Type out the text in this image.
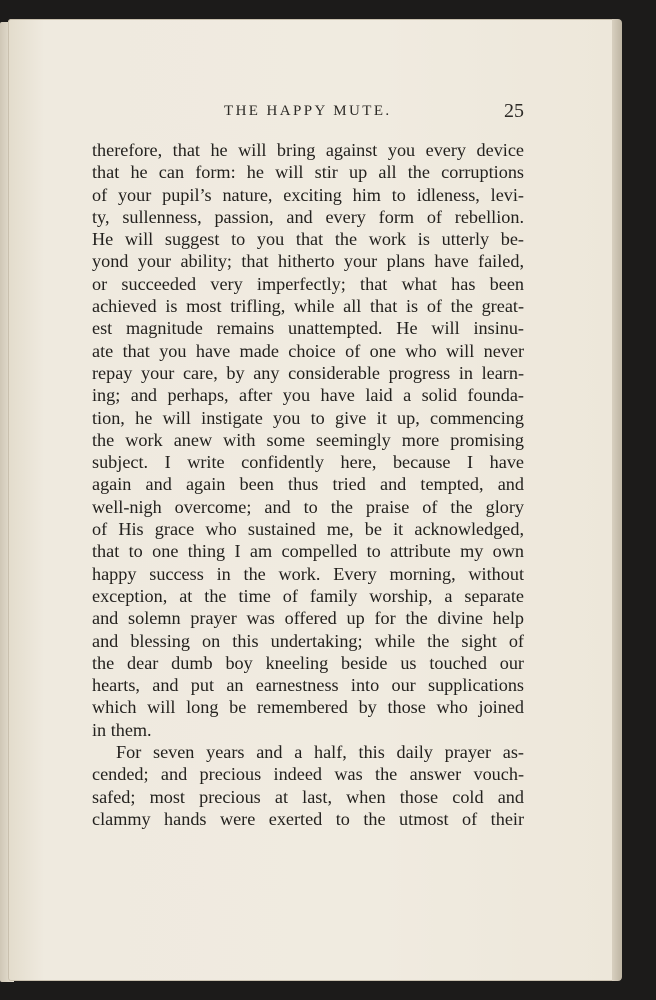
THE HAPPY MUTE.	25
therefore, that he will bring against you every device
that he can form: he will stir up all the corruptions
of your pupil’s nature, exciting him to idleness, levi-
ty, sullenness, passion, and every form of rebellion.
He will suggest to you that the work is utterly be-
yond your ability; that hitherto your plans have failed,
or succeeded very imperfectly; that what has been
achieved is most trifling, while all that is of the great-
est magnitude remains unattempted. He will insinu-
ate that you have made choice of one who will never
repay your care, by any considerable progress in learn-
ing; and perhaps, after you have laid a solid founda-
tion, he will instigate you to give it up, commencing
the work anew with some seemingly more promising
subject. I write confidently here, because I have
again and again been thus tried and tempted, and
well-nigh overcome; and to the praise of the glory
of His grace who sustained me, be it acknowledged,
that to one thing I am compelled to attribute my own
happy success in the work. Every morning, without
exception, at the time of family worship, a separate
and solemn prayer was offered up for the divine help
and blessing on this undertaking; while the sight of
the dear dumb boy kneeling beside us touched our
hearts, and put an earnestness into our supplications
which will long be remembered by those who joined
in them.
For seven years and a half, this daily prayer as-
cended; and precious indeed was the answer vouch-
safed; most precious at last, when those cold and
clammy hands were exerted to the utmost of their
